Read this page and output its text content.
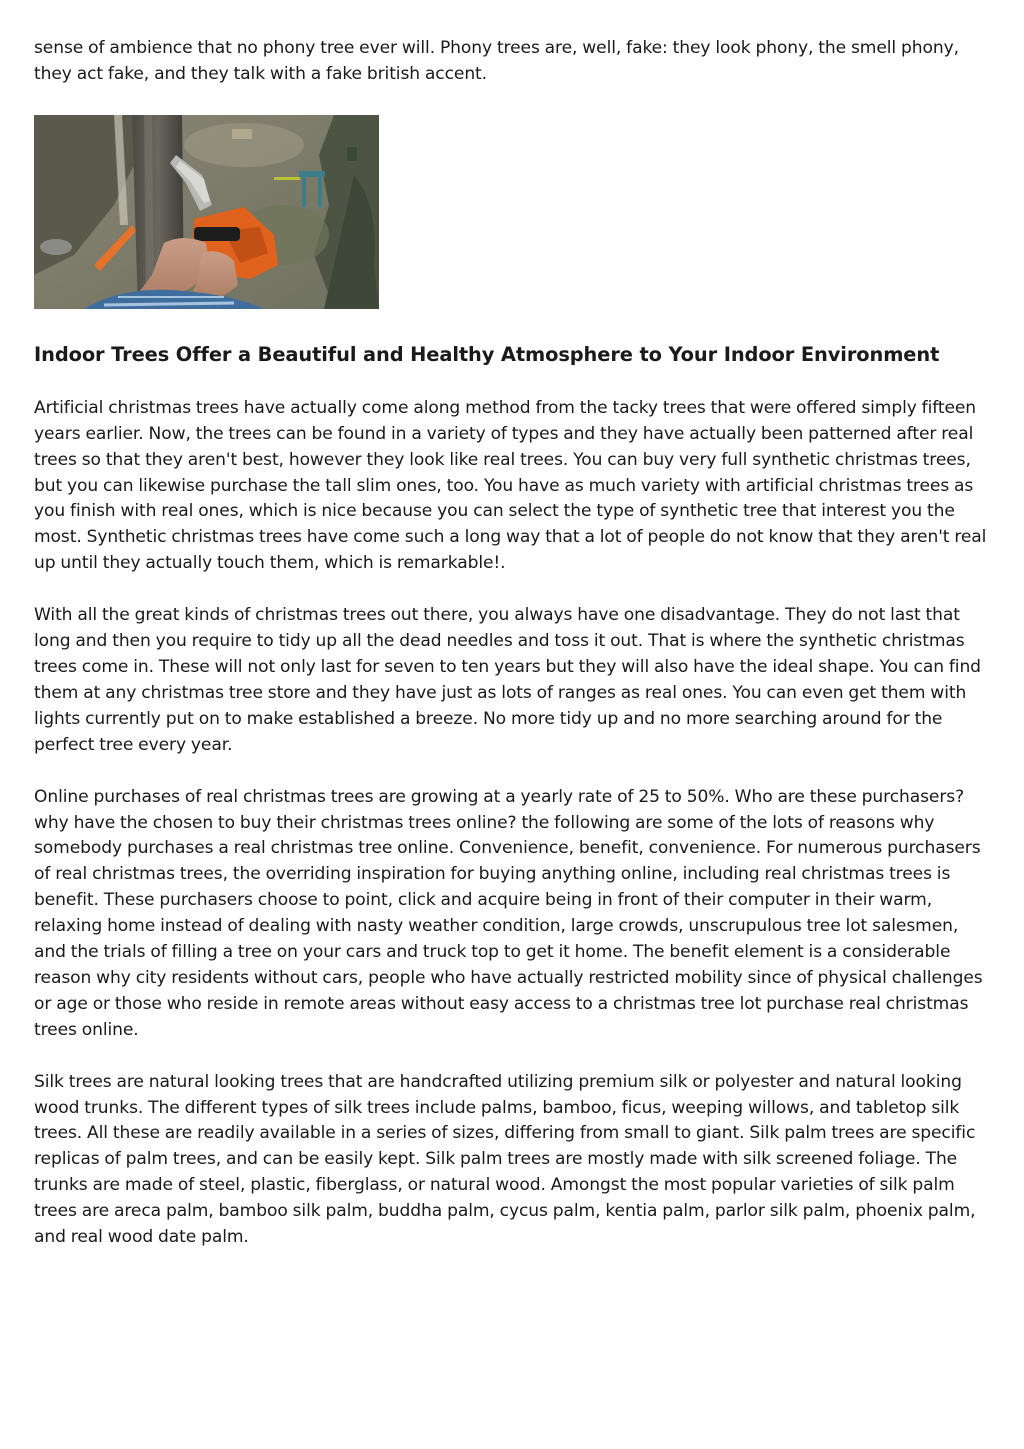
sense of ambience that no phony tree ever will. Phony trees are, well, fake: they look phony, the smell phony, they act fake, and they talk with a fake british accent.

Indoor Trees Offer a Beautiful and Healthy Atmosphere to Your Indoor Environment

Artificial christmas trees have actually come along method from the tacky trees that were offered simply fifteen years earlier. Now, the trees can be found in a variety of types and they have actually been patterned after real trees so that they aren't best, however they look like real trees. You can buy very full synthetic christmas trees, but you can likewise purchase the tall slim ones, too. You have as much variety with artificial christmas trees as you finish with real ones, which is nice because you can select the type of synthetic tree that interest you the most. Synthetic christmas trees have come such a long way that a lot of people do not know that they aren't real up until they actually touch them, which is remarkable!.

With all the great kinds of christmas trees out there, you always have one disadvantage. They do not last that long and then you require to tidy up all the dead needles and toss it out. That is where the synthetic christmas trees come in. These will not only last for seven to ten years but they will also have the ideal shape. You can find them at any christmas tree store and they have just as lots of ranges as real ones. You can even get them with lights currently put on to make established a breeze. No more tidy up and no more searching around for the perfect tree every year.

Online purchases of real christmas trees are growing at a yearly rate of 25 to 50%. Who are these purchasers? why have the chosen to buy their christmas trees online? the following are some of the lots of reasons why somebody purchases a real christmas tree online. Convenience, benefit, convenience. For numerous purchasers of real christmas trees, the overriding inspiration for buying anything online, including real christmas trees is benefit. These purchasers choose to point, click and acquire being in front of their computer in their warm, relaxing home instead of dealing with nasty weather condition, large crowds, unscrupulous tree lot salesmen, and the trials of filling a tree on your cars and truck top to get it home. The benefit element is a considerable reason why city residents without cars, people who have actually restricted mobility since of physical challenges or age or those who reside in remote areas without easy access to a christmas tree lot purchase real christmas trees online.

Silk trees are natural looking trees that are handcrafted utilizing premium silk or polyester and natural looking wood trunks. The different types of silk trees include palms, bamboo, ficus, weeping willows, and tabletop silk trees. All these are readily available in a series of sizes, differing from small to giant. Silk palm trees are specific replicas of palm trees, and can be easily kept. Silk palm trees are mostly made with silk screened foliage. The trunks are made of steel, plastic, fiberglass, or natural wood. Amongst the most popular varieties of silk palm trees are areca palm, bamboo silk palm, buddha palm, cycus palm, kentia palm, parlor silk palm, phoenix palm, and real wood date palm.
